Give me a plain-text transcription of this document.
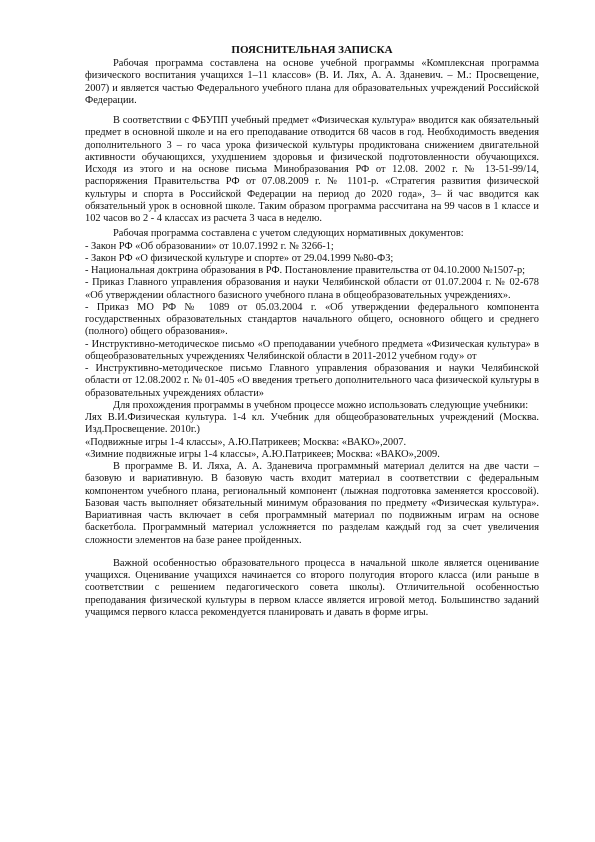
ПОЯСНИТЕЛЬНАЯ ЗАПИСКА

Рабочая программа составлена на основе учебной программы «Комплексная программа физического воспитания учащихся 1–11 классов» (В. И. Лях, А. А. Зданевич. – М.: Просвещение, 2007) и является частью Федерального учебного плана для образовательных учреждений Российской Федерации.

В соответствии с ФБУПП учебный предмет «Физическая культура» вводится как обязательный предмет в основной школе и на его преподавание отводится 68 часов в год. Необходимость введения дополнительного 3 – го часа урока физической культуры продиктована снижением двигательной активности обучающихся, ухудшением здоровья и физической подготовленности обучающихся. Исходя из этого и на основе письма Минобразования РФ от 12.08. 2002 г. № 13-51-99/14, распоряжения Правительства РФ от 07.08.2009 г. № 1101-р. «Стратегия развития физической культуры и спорта в Российской Федерации на период до 2020 года», 3– й час вводится как обязательный урок в основной школе. Таким образом программа рассчитана на 99 часов в 1 классе и 102 часов во 2 - 4 классах из расчета 3 часа в неделю.

Рабочая программа составлена с учетом следующих нормативных документов:

- Закон РФ «Об образовании» от 10.07.1992 г. № 3266-1;

- Закон РФ «О физической культуре и спорте» от 29.04.1999 №80-ФЗ;

- Национальная доктрина образования в РФ. Постановление правительства от 04.10.2000 №1507-р;

- Приказ Главного управления образования и науки Челябинской области от 01.07.2004 г. № 02-678 «Об утверждении областного базисного учебного плана в общеобразовательных учреждениях».

- Приказ МО РФ № 1089 от 05.03.2004 г. «Об утверждении федерального компонента государственных образовательных стандартов начального общего, основного общего и среднего (полного) общего образования».

- Инструктивно-методическое письмо «О преподавании учебного предмета «Физическая культура» в общеобразовательных учреждениях Челябинской области в 2011-2012 учебном году» от

- Инструктивно-методическое письмо Главного управления образования и науки Челябинской области от 12.08.2002 г. № 01-405 «О введения третьего дополнительного часа физической культуры в образовательных учреждениях области»

Для прохождения программы в учебном процессе можно использовать следующие учебники:

Лях В.И.Физическая культура. 1-4 кл. Учебник для общеобразовательных учреждений (Москва. Изд.Просвещение. 2010г.)

«Подвижные игры 1-4 классы», А.Ю.Патрикеев; Москва: «ВАКО»,2007.

«Зимние подвижные игры 1-4 классы», А.Ю.Патрикеев; Москва: «ВАКО»,2009.

В программе В. И. Ляха, А. А. Зданевича программный материал делится на две части – базовую и вариативную. В базовую часть входит материал в соответствии с федеральным компонентом учебного плана, региональный компонент (лыжная подготовка заменяется кроссовой). Базовая часть выполняет обязательный минимум образования по предмету «Физическая культура». Вариативная часть включает в себя программный материал по подвижным играм на основе баскетбола. Программный материал усложняется по разделам каждый год за счет увеличения сложности элементов на базе ранее пройденных.

Важной особенностью образовательного процесса в начальной школе является оценивание учащихся. Оценивание учащихся начинается со второго полугодия второго класса (или раньше в соответствии с решением педагогического совета школы). Отличительной особенностью преподавания физической культуры в первом классе является игровой метод. Большинство заданий учащимся первого класса рекомендуется планировать и давать в форме игры.
